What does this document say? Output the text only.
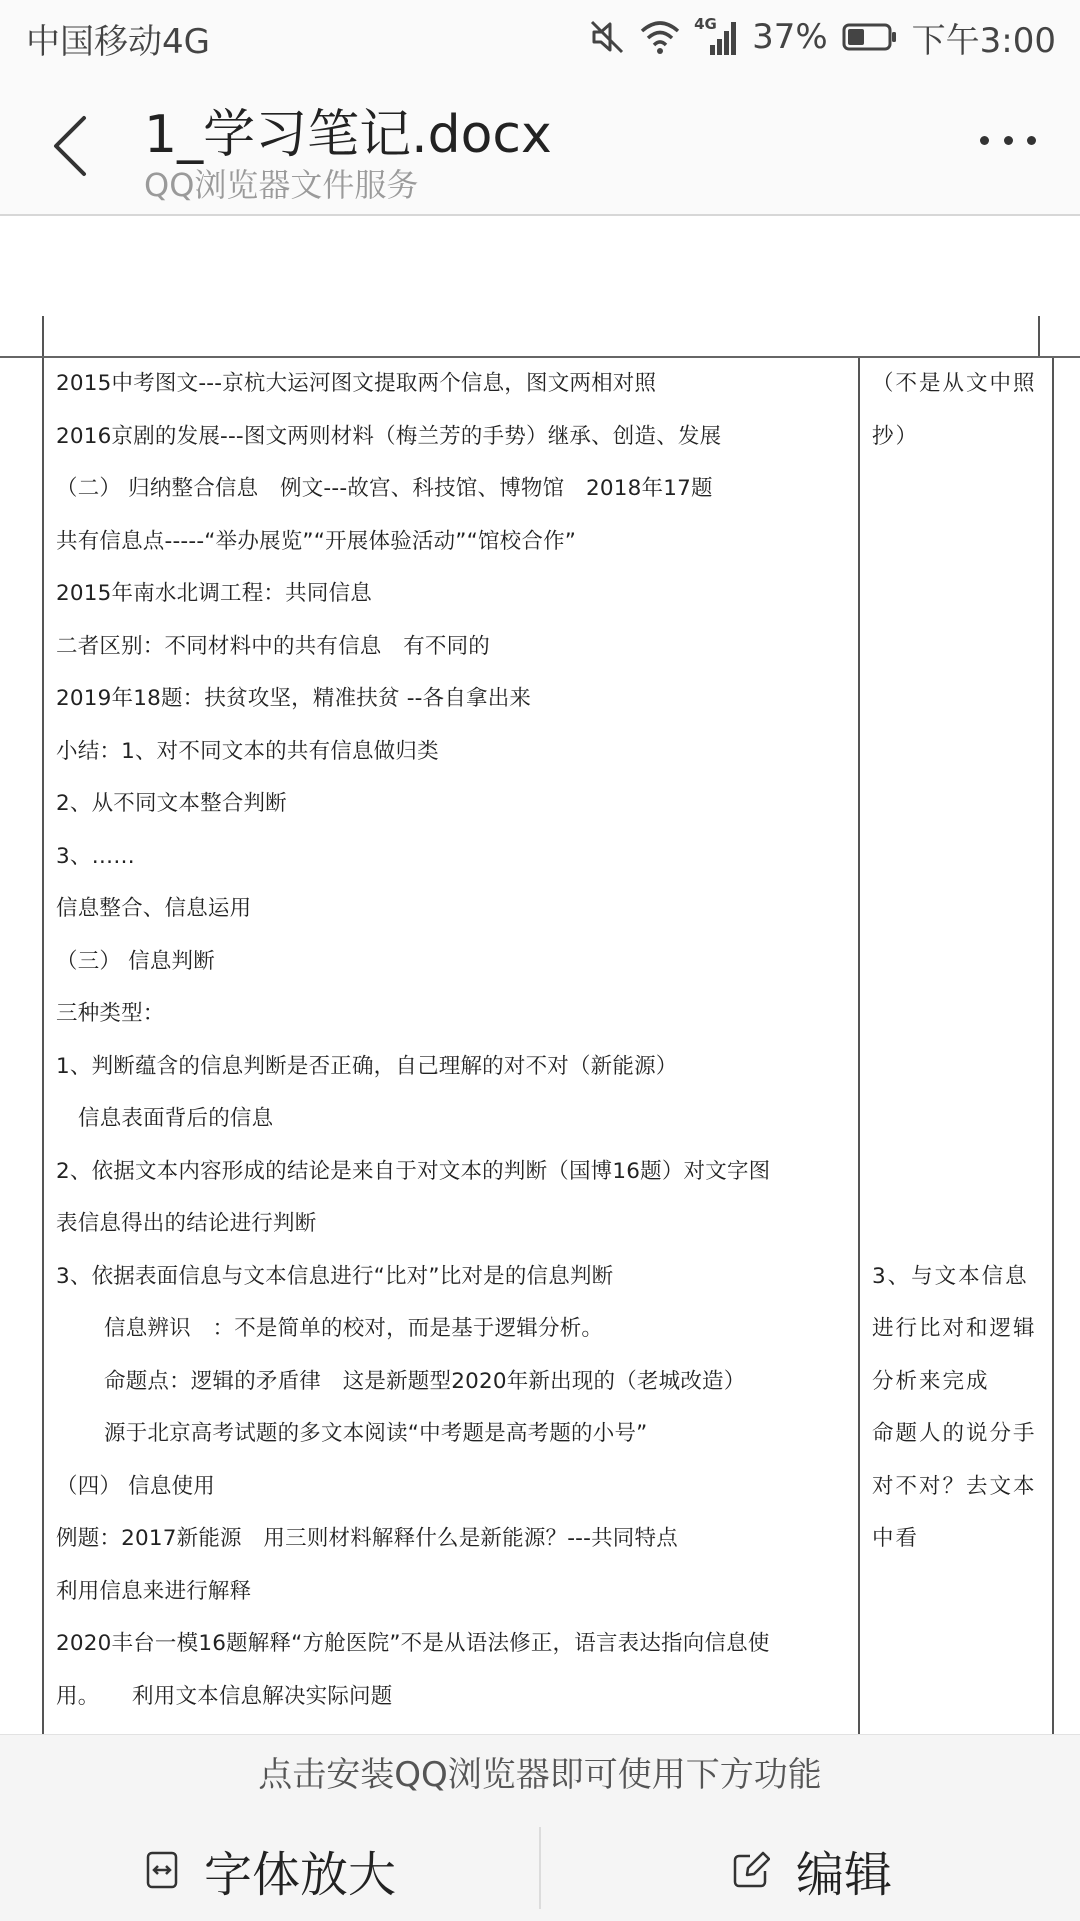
中国移动4G	4G 37% 下午3:00
1_学习笔记.docx
QQ浏览器文件服务
2015中考图文---京杭大运河图文提取两个信息，图文两相对照
2016京剧的发展---图文两则材料（梅兰芳的手势）继承、创造、发展
（二） 归纳整合信息　例文---故宫、科技馆、博物馆　2018年17题
共有信息点-----“举办展览”“开展体验活动”“馆校合作”
2015年南水北调工程：共同信息
二者区别：不同材料中的共有信息　有不同的
2019年18题：扶贫攻坚，精准扶贫 --各自拿出来
小结：1、对不同文本的共有信息做归类
2、从不同文本整合判断
3、……
信息整合、信息运用
（三） 信息判断
三种类型：
1、判断蕴含的信息判断是否正确，自己理解的对不对（新能源）
信息表面背后的信息
2、依据文本内容形成的结论是来自于对文本的判断（国博16题）对文字图
表信息得出的结论进行判断
3、依据表面信息与文本信息进行“比对”比对是的信息判断
信息辨识　：不是简单的校对，而是基于逻辑分析。
命题点：逻辑的矛盾律　这是新题型2020年新出现的（老城改造）
源于北京高考试题的多文本阅读“中考题是高考题的小号”
（四） 信息使用
例题：2017新能源　用三则材料解释什么是新能源？---共同特点
利用信息来进行解释
2020丰台一模16题解释“方舱医院”不是从语法修正，语言表达指向信息使
用。　　利用文本信息解决实际问题
（不是从文中照
抄）
3、与文本信息
进行比对和逻辑
分析来完成
命题人的说分手
对不对？去文本
中看
点击安装QQ浏览器即可使用下方功能
字体放大	编辑
